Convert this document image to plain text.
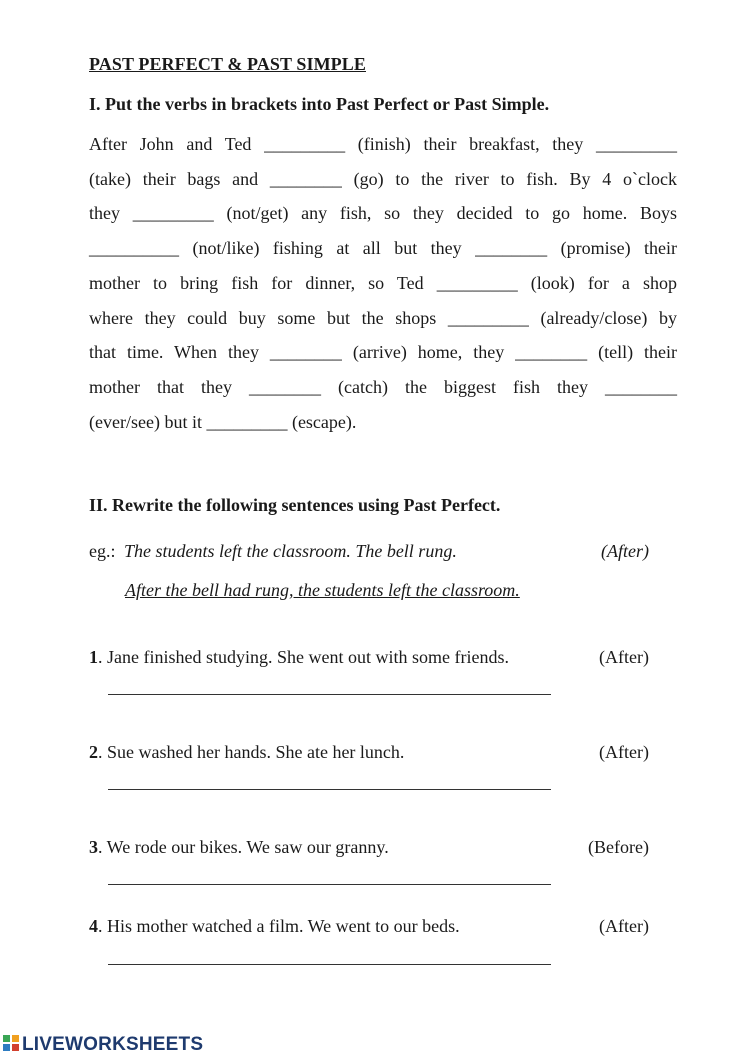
PAST PERFECT & PAST SIMPLE
I. Put the verbs in brackets into Past Perfect or Past Simple.
After John and Ted _________ (finish) their breakfast, they _________
(take) their bags and ________ (go) to the river to fish. By 4 o`clock
they _________ (not/get) any fish, so they decided to go home. Boys
__________ (not/like) fishing at all but they ________ (promise) their
mother to bring fish for dinner, so Ted _________ (look) for a shop
where they could buy some but the shops _________ (already/close) by
that time. When they ________ (arrive) home, they ________ (tell) their
mother that they ________ (catch) the biggest fish they ________
(ever/see) but it _________ (escape).
II. Rewrite the following sentences using Past Perfect.
eg.: The students left the classroom. The bell rung.	(After)
After the bell had rung, the students left the classroom.
1. Jane finished studying. She went out with some friends.	(After)
2. Sue washed her hands. She ate her lunch.	(After)
3. We rode our bikes. We saw our granny.	(Before)
4. His mother watched a film. We went to our beds.	(After)
LIVEWORKSHEETS
